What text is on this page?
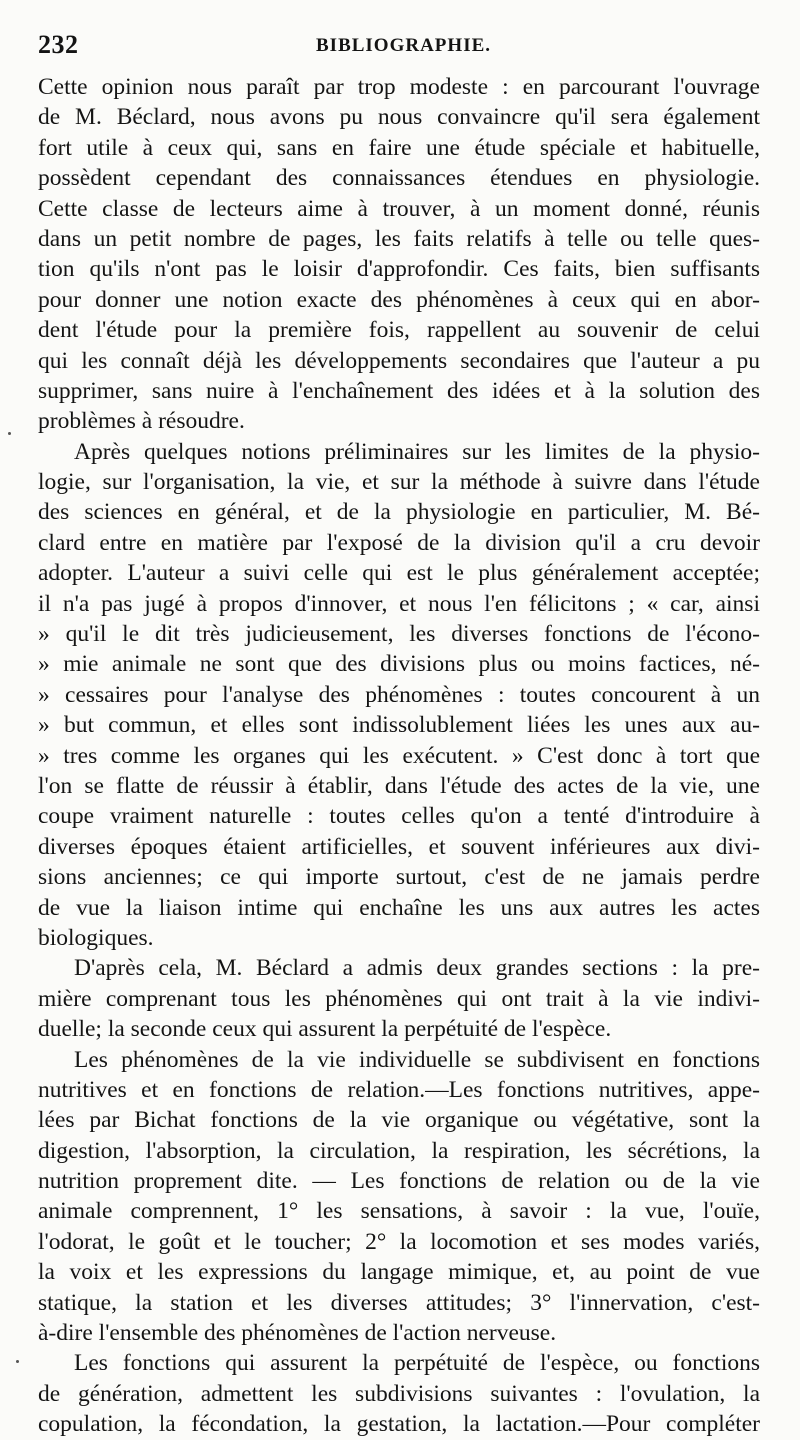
232	BIBLIOGRAPHIE.
Cette opinion nous paraît par trop modeste : en parcourant l'ouvrage
de M. Béclard, nous avons pu nous convaincre qu'il sera également
fort utile à ceux qui, sans en faire une étude spéciale et habituelle,
possèdent cependant des connaissances étendues en physiologie.
Cette classe de lecteurs aime à trouver, à un moment donné, réunis
dans un petit nombre de pages, les faits relatifs à telle ou telle ques-
tion qu'ils n'ont pas le loisir d'approfondir. Ces faits, bien suffisants
pour donner une notion exacte des phénomènes à ceux qui en abor-
dent l'étude pour la première fois, rappellent au souvenir de celui
qui les connaît déjà les développements secondaires que l'auteur a pu
supprimer, sans nuire à l'enchaînement des idées et à la solution des
problèmes à résoudre.
Après quelques notions préliminaires sur les limites de la physio-
logie, sur l'organisation, la vie, et sur la méthode à suivre dans l'étude
des sciences en général, et de la physiologie en particulier, M. Bé-
clard entre en matière par l'exposé de la division qu'il a cru devoir
adopter. L'auteur a suivi celle qui est le plus généralement acceptée;
il n'a pas jugé à propos d'innover, et nous l'en félicitons ; « car, ainsi
» qu'il le dit très judicieusement, les diverses fonctions de l'écono-
» mie animale ne sont que des divisions plus ou moins factices, né-
» cessaires pour l'analyse des phénomènes : toutes concourent à un
» but commun, et elles sont indissolublement liées les unes aux au-
» tres comme les organes qui les exécutent. » C'est donc à tort que
l'on se flatte de réussir à établir, dans l'étude des actes de la vie, une
coupe vraiment naturelle : toutes celles qu'on a tenté d'introduire à
diverses époques étaient artificielles, et souvent inférieures aux divi-
sions anciennes; ce qui importe surtout, c'est de ne jamais perdre
de vue la liaison intime qui enchaîne les uns aux autres les actes
biologiques.
D'après cela, M. Béclard a admis deux grandes sections : la pre-
mière comprenant tous les phénomènes qui ont trait à la vie indivi-
duelle; la seconde ceux qui assurent la perpétuité de l'espèce.
Les phénomènes de la vie individuelle se subdivisent en fonctions
nutritives et en fonctions de relation.—Les fonctions nutritives, appe-
lées par Bichat fonctions de la vie organique ou végétative, sont la
digestion, l'absorption, la circulation, la respiration, les sécrétions, la
nutrition proprement dite. — Les fonctions de relation ou de la vie
animale comprennent, 1° les sensations, à savoir : la vue, l'ouïe,
l'odorat, le goût et le toucher; 2° la locomotion et ses modes variés,
la voix et les expressions du langage mimique, et, au point de vue
statique, la station et les diverses attitudes; 3° l'innervation, c'est-
à-dire l'ensemble des phénomènes de l'action nerveuse.
Les fonctions qui assurent la perpétuité de l'espèce, ou fonctions
de génération, admettent les subdivisions suivantes : l'ovulation, la
copulation, la fécondation, la gestation, la lactation.—Pour compléter
